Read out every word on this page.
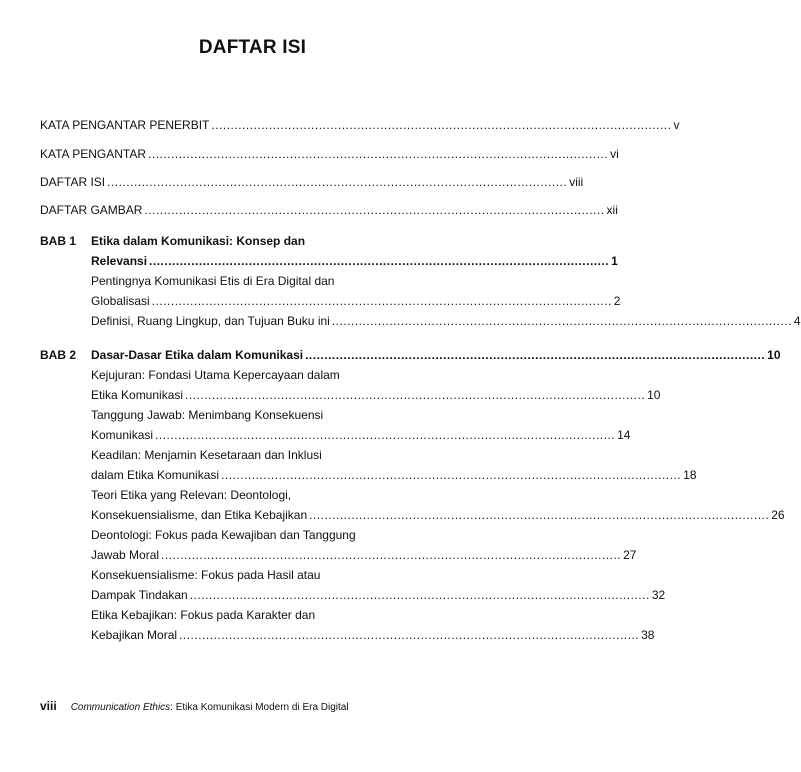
DAFTAR ISI
KATA PENGANTAR PENERBIT ........................................................................................................................ v
KATA PENGANTAR ........................................................................................................................ vi
DAFTAR ISI ........................................................................................................................ viii
DAFTAR GAMBAR ........................................................................................................................ xii
BAB 1	Etika dalam Komunikasi: Konsep dan
Relevansi ........................................................................................................................ 1
Pentingnya Komunikasi Etis di Era Digital dan
Globalisasi ........................................................................................................................ 2
Definisi, Ruang Lingkup, dan Tujuan Buku ini ........................................................................................................................ 4
BAB 2	Dasar-Dasar Etika dalam Komunikasi ........................................................................................................................ 10
Kejujuran: Fondasi Utama Kepercayaan dalam
Etika Komunikasi ........................................................................................................................ 10
Tanggung Jawab: Menimbang Konsekuensi
Komunikasi ........................................................................................................................ 14
Keadilan: Menjamin Kesetaraan dan Inklusi
dalam Etika Komunikasi ........................................................................................................................ 18
Teori Etika yang Relevan: Deontologi,
Konsekuensialisme, dan Etika Kebajikan ........................................................................................................................ 26
Deontologi: Fokus pada Kewajiban dan Tanggung
Jawab Moral ........................................................................................................................ 27
Konsekuensialisme: Fokus pada Hasil atau
Dampak Tindakan ........................................................................................................................ 32
Etika Kebajikan: Fokus pada Karakter dan
Kebajikan Moral ........................................................................................................................ 38
viii Communication Ethics: Etika Komunikasi Modern di Era Digital
